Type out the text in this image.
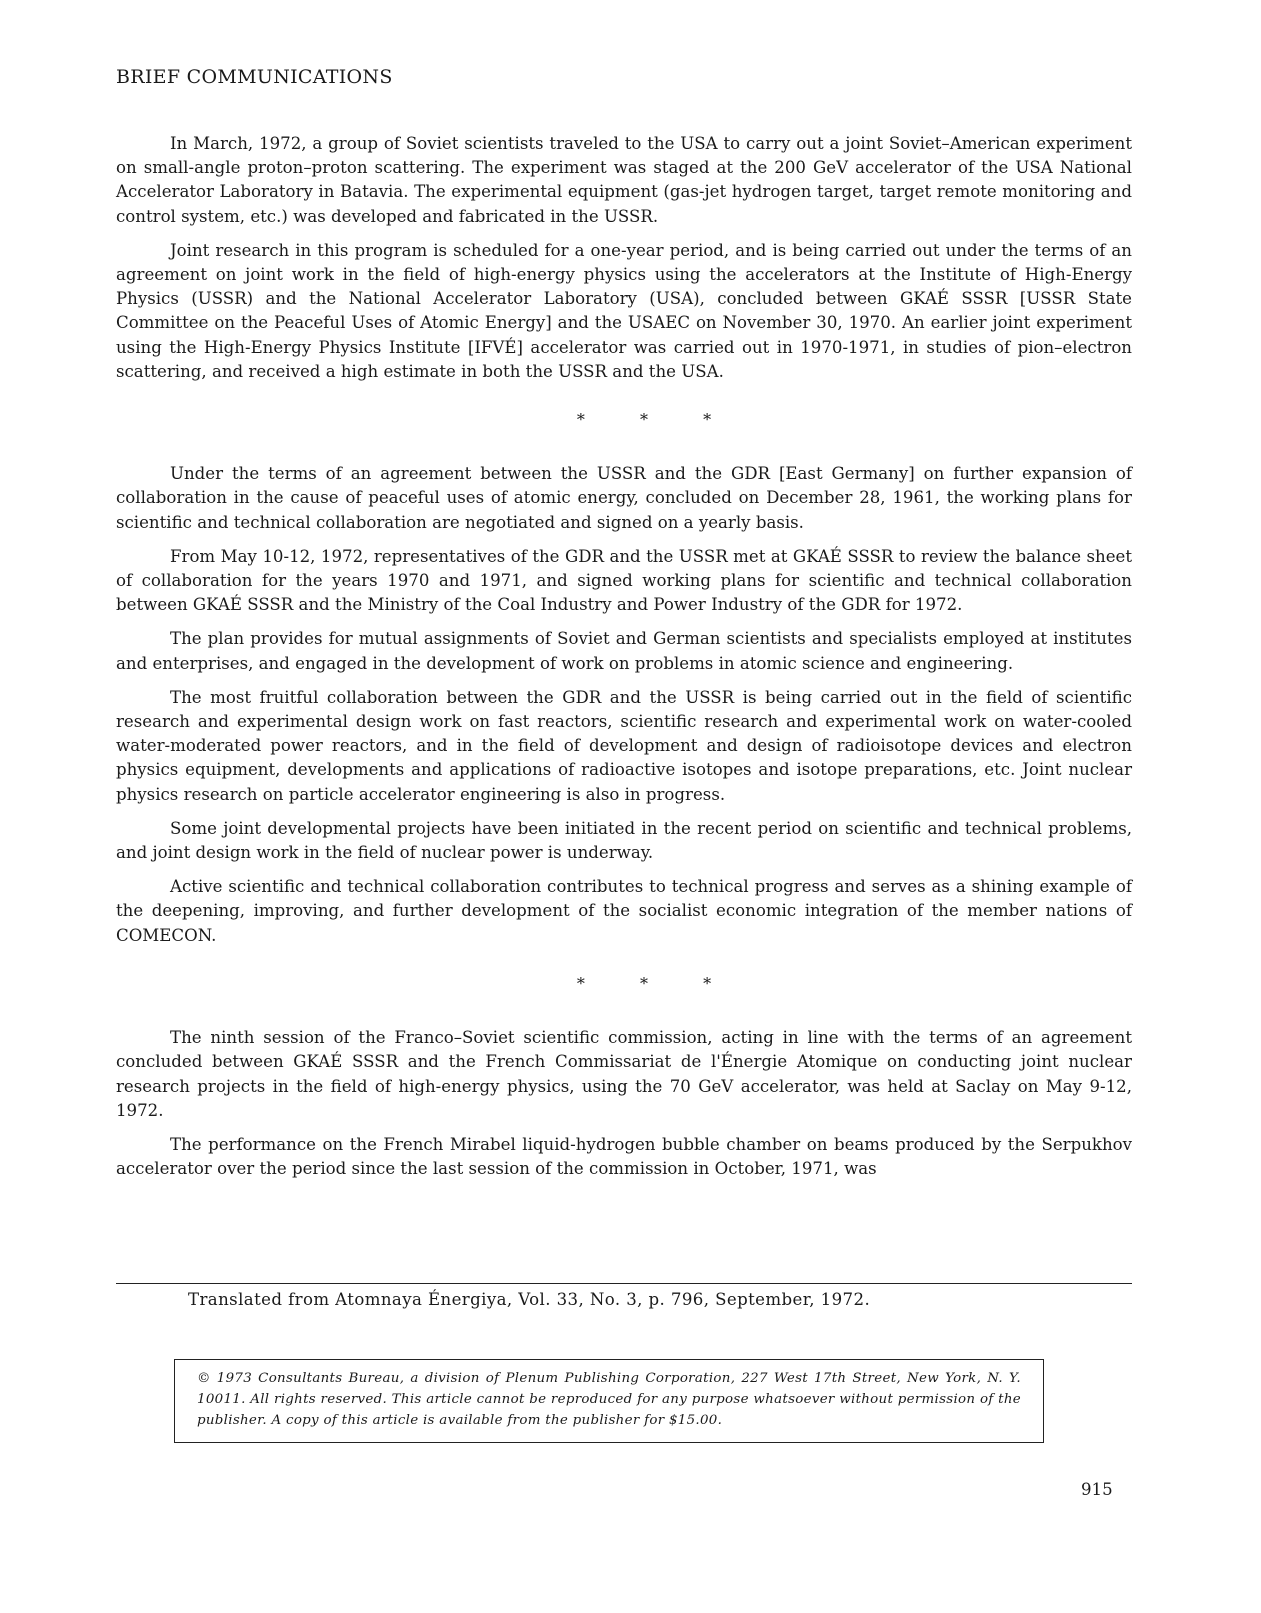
BRIEF COMMUNICATIONS

In March, 1972, a group of Soviet scientists traveled to the USA to carry out a joint Soviet–American experiment on small-angle proton–proton scattering. The experiment was staged at the 200 GeV accelerator of the USA National Accelerator Laboratory in Batavia. The experimental equipment (gas-jet hydrogen target, target remote monitoring and control system, etc.) was developed and fabricated in the USSR.

Joint research in this program is scheduled for a one-year period, and is being carried out under the terms of an agreement on joint work in the field of high-energy physics using the accelerators at the Institute of High-Energy Physics (USSR) and the National Accelerator Laboratory (USA), concluded between GKAÉ SSSR [USSR State Committee on the Peaceful Uses of Atomic Energy] and the USAEC on November 30, 1970. An earlier joint experiment using the High-Energy Physics Institute [IFVÉ] accelerator was carried out in 1970-1971, in studies of pion–electron scattering, and received a high estimate in both the USSR and the USA.

* * *

Under the terms of an agreement between the USSR and the GDR [East Germany] on further expansion of collaboration in the cause of peaceful uses of atomic energy, concluded on December 28, 1961, the working plans for scientific and technical collaboration are negotiated and signed on a yearly basis.

From May 10-12, 1972, representatives of the GDR and the USSR met at GKAÉ SSSR to review the balance sheet of collaboration for the years 1970 and 1971, and signed working plans for scientific and technical collaboration between GKAÉ SSSR and the Ministry of the Coal Industry and Power Industry of the GDR for 1972.

The plan provides for mutual assignments of Soviet and German scientists and specialists employed at institutes and enterprises, and engaged in the development of work on problems in atomic science and engineering.

The most fruitful collaboration between the GDR and the USSR is being carried out in the field of scientific research and experimental design work on fast reactors, scientific research and experimental work on water-cooled water-moderated power reactors, and in the field of development and design of radioisotope devices and electron physics equipment, developments and applications of radioactive isotopes and isotope preparations, etc. Joint nuclear physics research on particle accelerator engineering is also in progress.

Some joint developmental projects have been initiated in the recent period on scientific and technical problems, and joint design work in the field of nuclear power is underway.

Active scientific and technical collaboration contributes to technical progress and serves as a shining example of the deepening, improving, and further development of the socialist economic integration of the member nations of COMECON.

* * *

The ninth session of the Franco–Soviet scientific commission, acting in line with the terms of an agreement concluded between GKAÉ SSSR and the French Commissariat de l'Énergie Atomique on conducting joint nuclear research projects in the field of high-energy physics, using the 70 GeV accelerator, was held at Saclay on May 9-12, 1972.

The performance on the French Mirabel liquid-hydrogen bubble chamber on beams produced by the Serpukhov accelerator over the period since the last session of the commission in October, 1971, was

Translated from Atomnaya Énergiya, Vol. 33, No. 3, p. 796, September, 1972.
© 1973 Consultants Bureau, a division of Plenum Publishing Corporation, 227 West 17th Street, New York, N. Y. 10011. All rights reserved. This article cannot be reproduced for any purpose whatsoever without permission of the publisher. A copy of this article is available from the publisher for $15.00.
915
